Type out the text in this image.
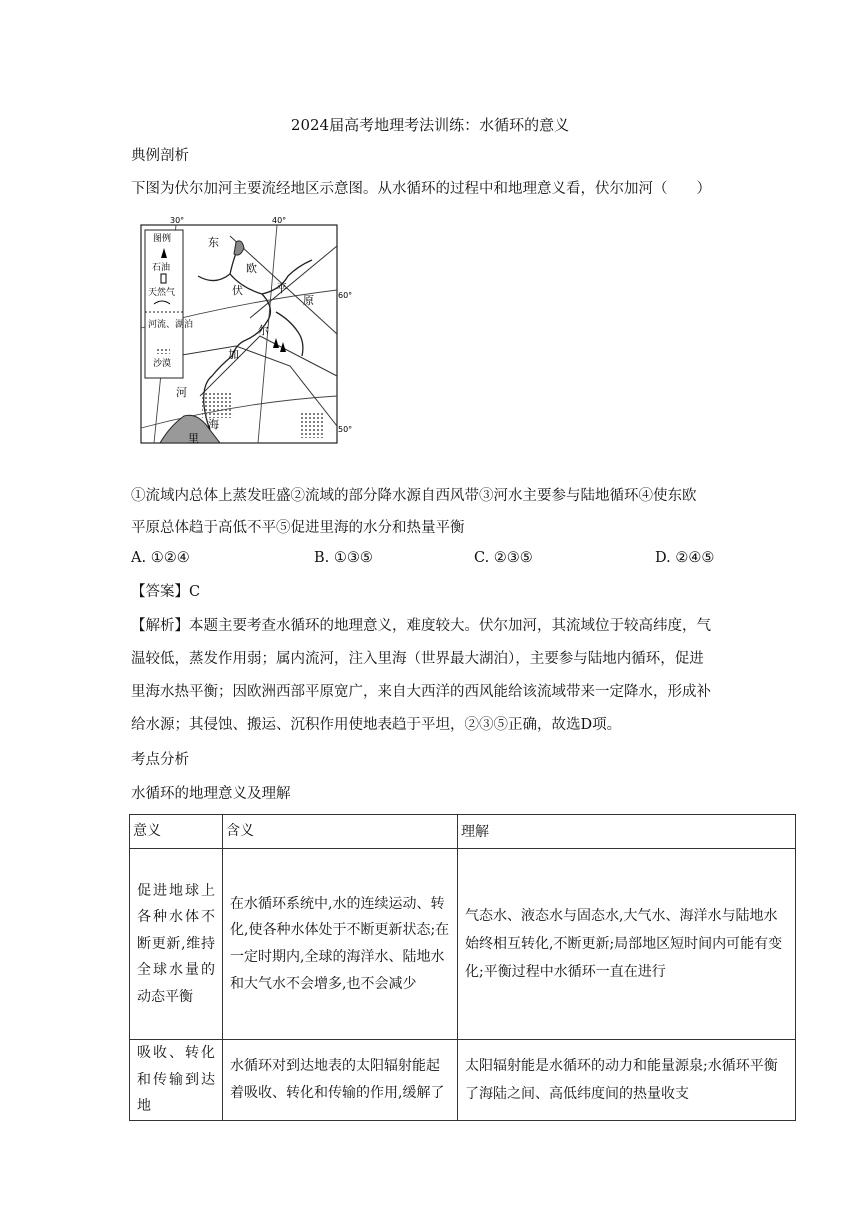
2024届高考地理考法训练：水循环的意义
典例剖析
下图为伏尔加河主要流经地区示意图。从水循环的过程中和地理意义看，伏尔加河（　　）
图例
石油
天然气
河流、湖泊
沙漠
30°	40°
60°
50°
东
欧
平
原
伏
尔
加
河
里
海
①流域内总体上蒸发旺盛②流域的部分降水源自西风带③河水主要参与陆地循环④使东欧
平原总体趋于高低不平⑤促进里海的水分和热量平衡
A. ①②④	B. ①③⑤	C. ②③⑤	D. ②④⑤
【答案】C
【解析】本题主要考查水循环的地理意义，难度较大。伏尔加河，其流域位于较高纬度，气
温较低，蒸发作用弱；属内流河，注入里海（世界最大湖泊），主要参与陆地内循环，促进
里海水热平衡；因欧洲西部平原宽广，来自大西洋的西风能给该流域带来一定降水，形成补
给水源；其侵蚀、搬运、沉积作用使地表趋于平坦，②③⑤正确，故选D项。
考点分析
水循环的地理意义及理解
意义	含义	理解
促进地球上各种水体不断更新,维持全球水量的动态平衡	在水循环系统中,水的连续运动、转化,使各种水体处于不断更新状态;在一定时期内,全球的海洋水、陆地水和大气水不会增多,也不会减少	气态水、液态水与固态水,大气水、海洋水与陆地水始终相互转化,不断更新;局部地区短时间内可能有变化;平衡过程中水循环一直在进行
吸收、转化和传输到达地	水循环对到达地表的太阳辐射能起着吸收、转化和传输的作用,缓解了	太阳辐射能是水循环的动力和能量源泉;水循环平衡了海陆之间、高低纬度间的热量收支
